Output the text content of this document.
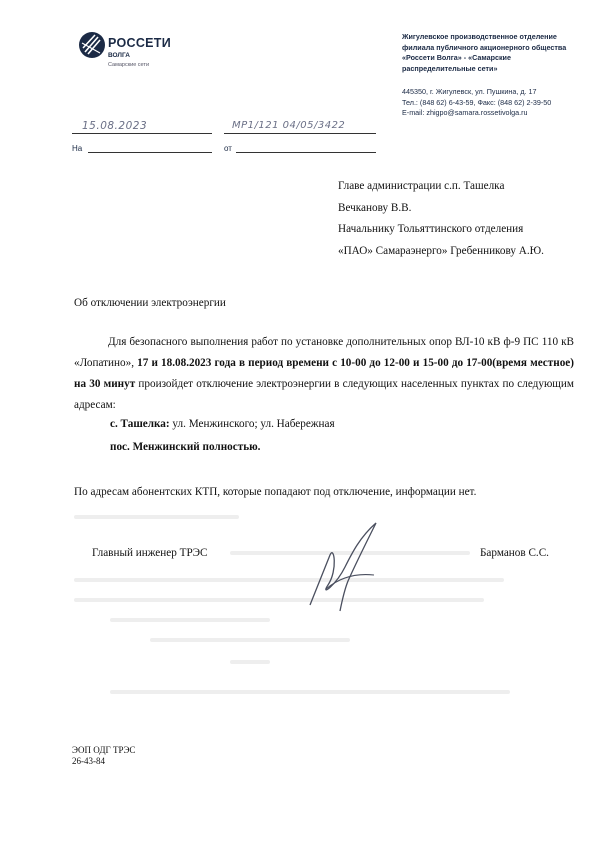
РОССЕТИ
ВОЛГА
Самарские сети
Жигулевское производственное отделение
филиала публичного акционерного общества
«Россети Волга» - «Самарские
распределительные сети»
445350, г. Жигулевск, ул. Пушкина, д. 17
Тел.: (848 62) 6-43-59, Факс: (848 62) 2-39-50
E-mail: zhigpo@samara.rossetivolga.ru
15.08.2023	МР1/121 04/05/3422
На	от
Главе администрации с.п. Ташелка
Вечканову В.В.
Начальнику Тольяттинского отделения
«ПАО» Самараэнерго» Гребенникову А.Ю.
Об отключении электроэнергии

Для безопасного выполнения работ по установке дополнительных опор ВЛ-10 кВ ф-9 ПС 110 кВ «Лопатино», 17 и 18.08.2023 года в период времени с 10-00 до 12-00 и 15-00 до 17-00(время местное) на 30 минут произойдет отключение электроэнергии в следующих населенных пунктах по следующим адресам:

с. Ташелка: ул. Менжинского; ул. Набережная
пос. Менжинский полностью.
По адресам абонентских КТП, которые попадают под отключение, информации нет.
Главный инженер ТРЭС	Барманов С.С.
ЭОП ОДГ ТРЭС
26-43-84
